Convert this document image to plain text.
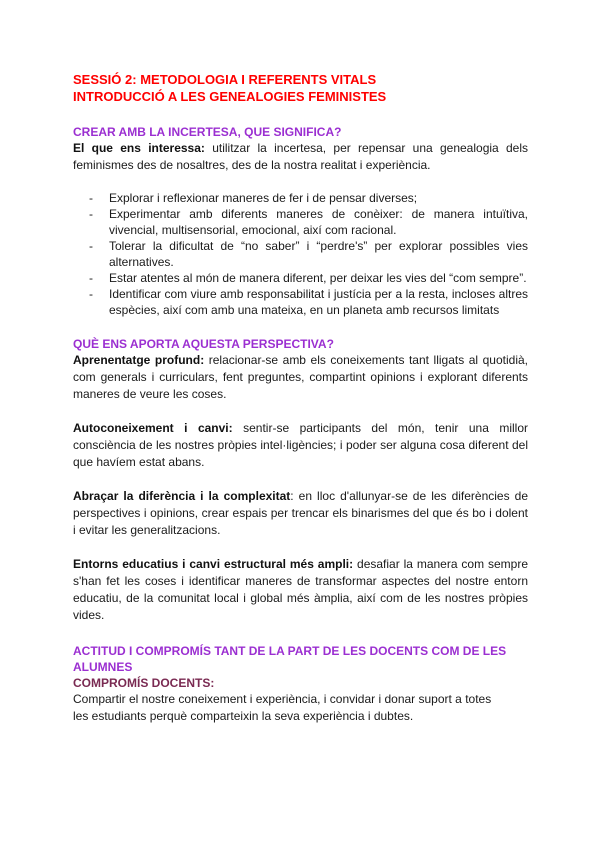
SESSIÓ 2: METODOLOGIA I REFERENTS VITALS
INTRODUCCIÓ A LES GENEALOGIES FEMINISTES
CREAR AMB LA INCERTESA, QUE SIGNIFICA?

El que ens interessa: utilitzar la incertesa, per repensar una genealogia dels feminismes des de nosaltres, des de la nostra realitat i experiència.

- Explorar i reflexionar maneres de fer i de pensar diverses;
- Experimentar amb diferents maneres de conèixer: de manera intuïtiva, vivencial, multisensorial, emocional, així com racional.
- Tolerar la dificultat de “no saber” i “perdre's” per explorar possibles vies alternatives.
- Estar atentes al món de manera diferent, per deixar les vies del “com sempre”.
- Identificar com viure amb responsabilitat i justícia per a la resta, incloses altres espècies, així com amb una mateixa, en un planeta amb recursos limitats
QUÈ ENS APORTA AQUESTA PERSPECTIVA?

Aprenentatge profund: relacionar-se amb els coneixements tant lligats al quotidià, com generals i curriculars, fent preguntes, compartint opinions i explorant diferents maneres de veure les coses.

Autoconeixement i canvi: sentir-se participants del món, tenir una millor consciència de les nostres pròpies intel·ligències; i poder ser alguna cosa diferent del que havíem estat abans.

Abraçar la diferència i la complexitat: en lloc d'allunyar-se de les diferències de perspectives i opinions, crear espais per trencar els binarismes del que és bo i dolent i evitar les generalitzacions.

Entorns educatius i canvi estructural més ampli: desafiar la manera com sempre s'han fet les coses i identificar maneres de transformar aspectes del nostre entorn educatiu, de la comunitat local i global més àmplia, així com de les nostres pròpies vides.

ACTITUD I COMPROMÍS TANT DE LA PART DE LES DOCENTS COM DE LES ALUMNES
COMPROMÍS DOCENTS:

Compartir el nostre coneixement i experiència, i convidar i donar suport a totes

les estudiants perquè comparteixin la seva experiència i dubtes.
